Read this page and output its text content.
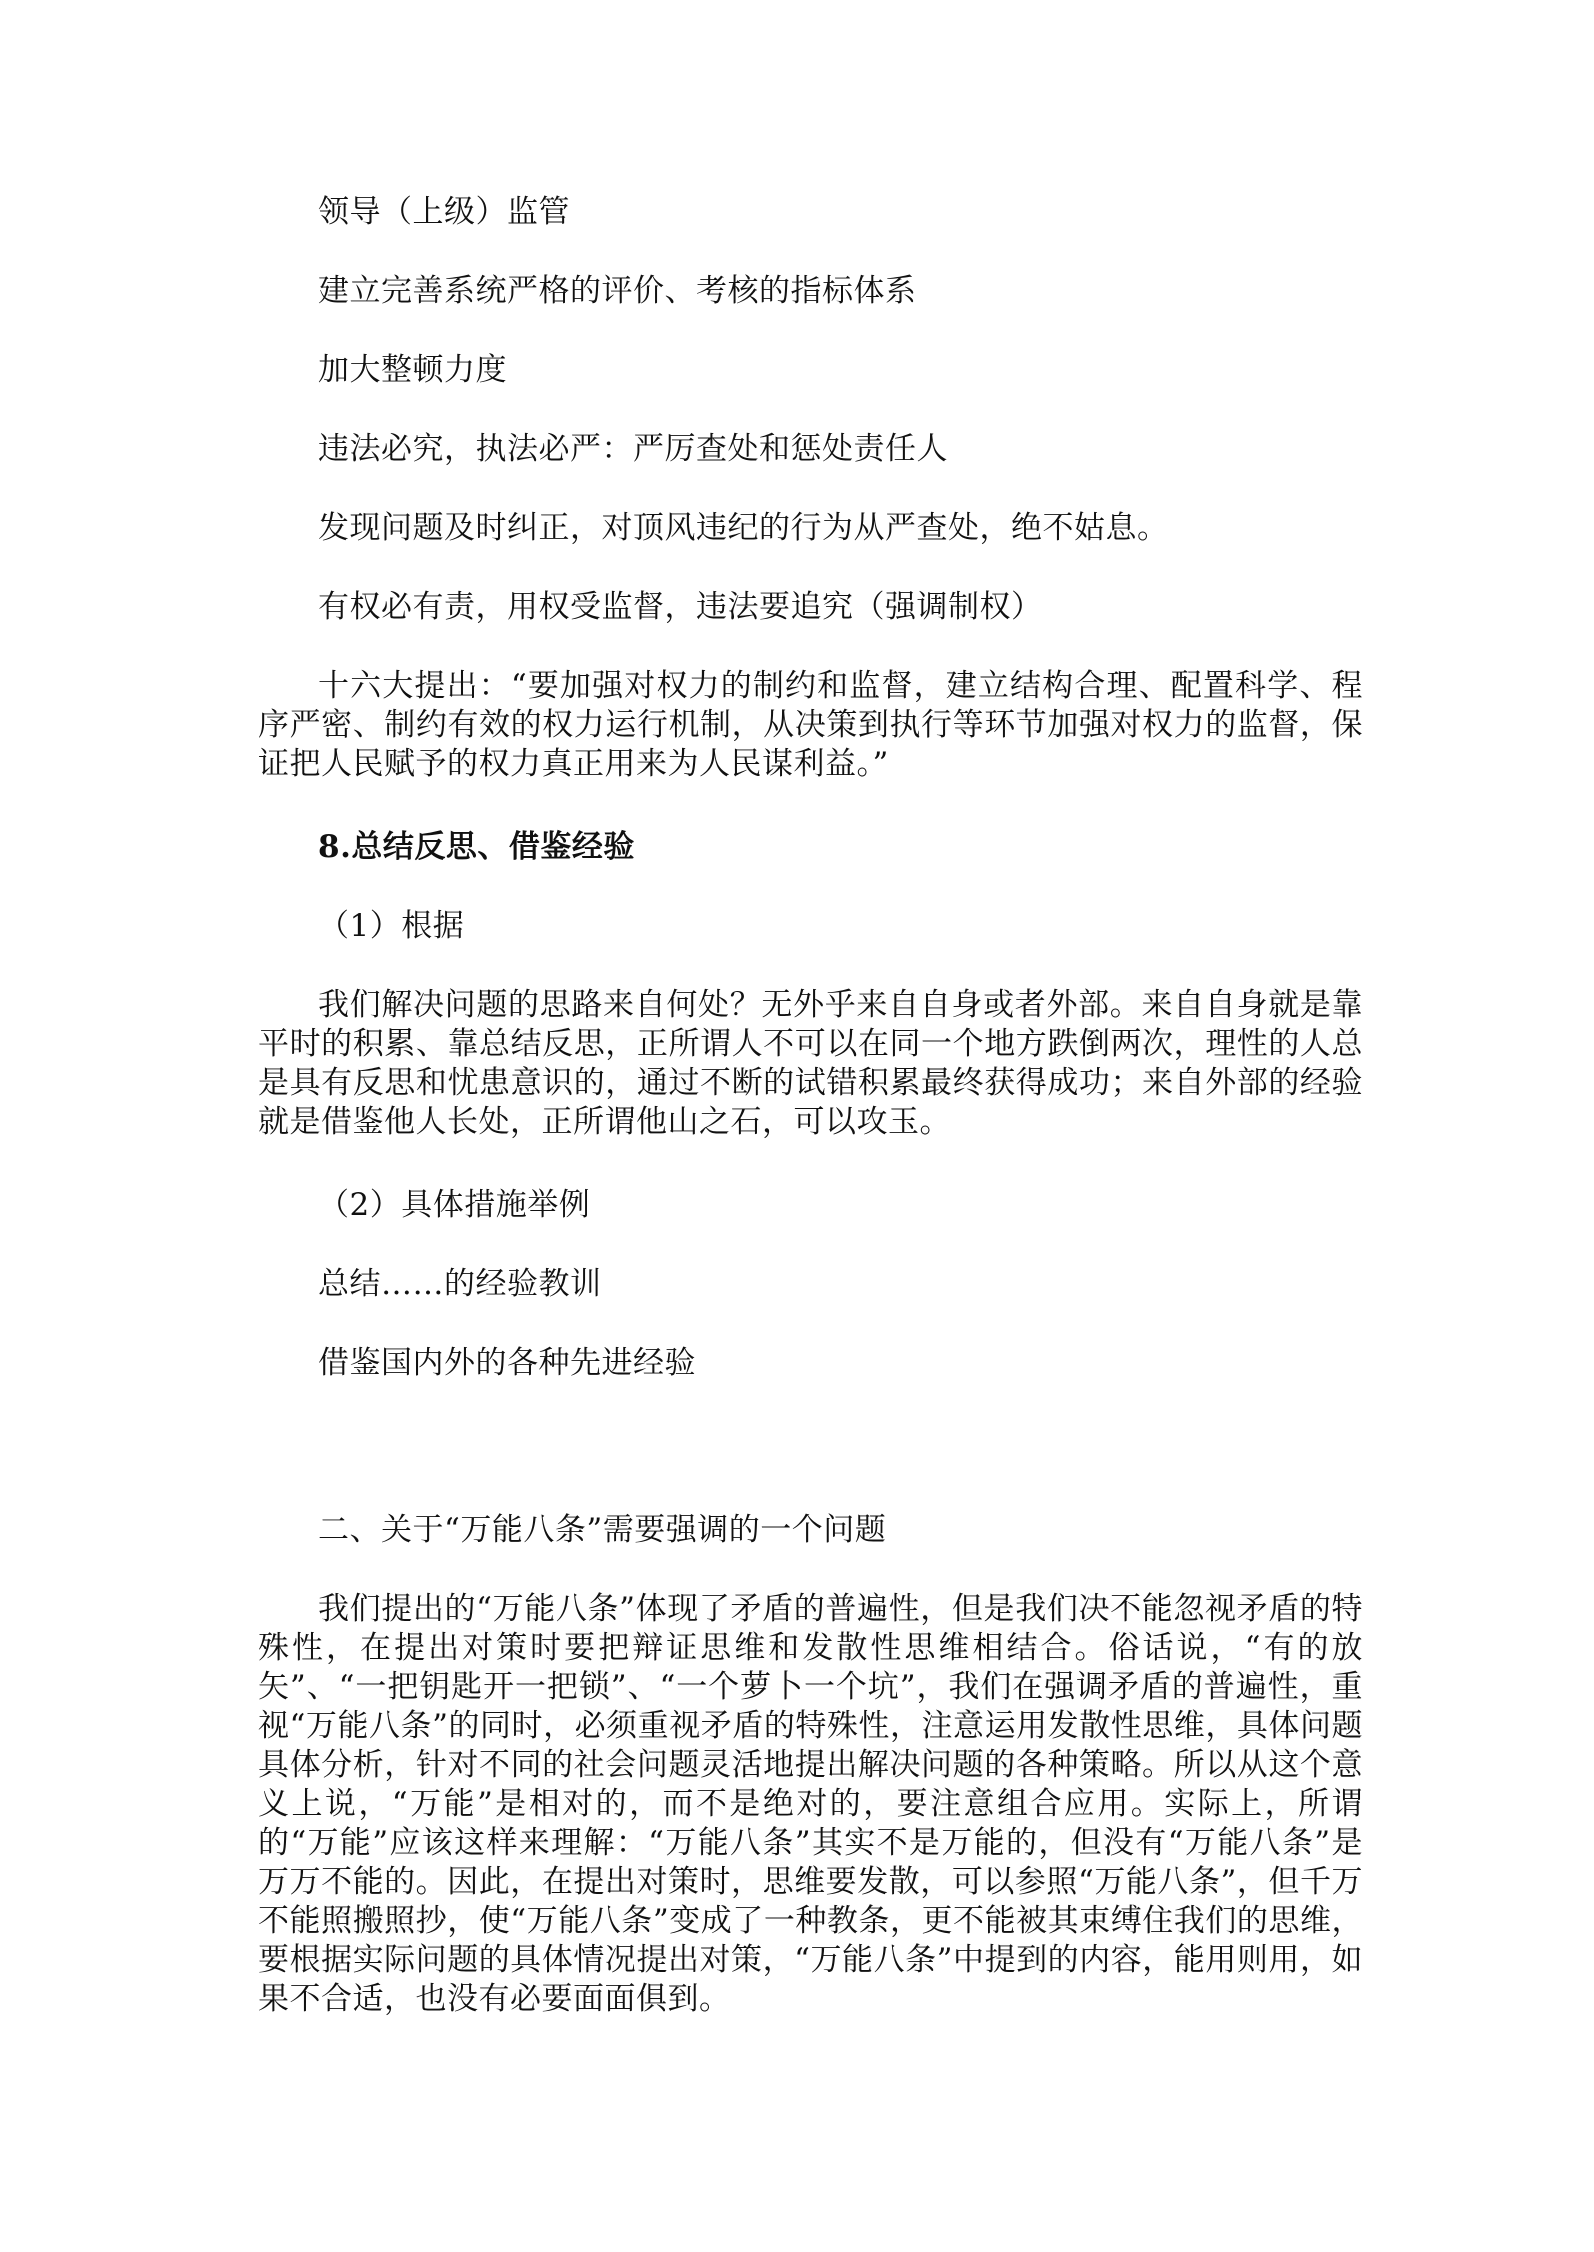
领导（上级）监管

建立完善系统严格的评价、考核的指标体系

加大整顿力度

违法必究，执法必严：严厉查处和惩处责任人

发现问题及时纠正，对顶风违纪的行为从严查处，绝不姑息。

有权必有责，用权受监督，违法要追究（强调制权）

十六大提出：“要加强对权力的制约和监督，建立结构合理、配置科学、程序严密、制约有效的权力运行机制，从决策到执行等环节加强对权力的监督，保证把人民赋予的权力真正用来为人民谋利益。”

8.总结反思、借鉴经验

（1）根据

我们解决问题的思路来自何处？无外乎来自自身或者外部。来自自身就是靠平时的积累、靠总结反思，正所谓人不可以在同一个地方跌倒两次，理性的人总是具有反思和忧患意识的，通过不断的试错积累最终获得成功；来自外部的经验就是借鉴他人长处，正所谓他山之石，可以攻玉。

（2）具体措施举例

总结……的经验教训

借鉴国内外的各种先进经验

二、关于“万能八条”需要强调的一个问题

我们提出的“万能八条”体现了矛盾的普遍性，但是我们决不能忽视矛盾的特殊性，在提出对策时要把辩证思维和发散性思维相结合。俗话说，“有的放矢”、“一把钥匙开一把锁”、“一个萝卜一个坑”，我们在强调矛盾的普遍性，重视“万能八条”的同时，必须重视矛盾的特殊性，注意运用发散性思维，具体问题具体分析，针对不同的社会问题灵活地提出解决问题的各种策略。所以从这个意义上说，“万能”是相对的，而不是绝对的，要注意组合应用。实际上，所谓的“万能”应该这样来理解：“万能八条”其实不是万能的，但没有“万能八条”是万万不能的。因此，在提出对策时，思维要发散，可以参照“万能八条”，但千万不能照搬照抄，使“万能八条”变成了一种教条，更不能被其束缚住我们的思维，要根据实际问题的具体情况提出对策，“万能八条”中提到的内容，能用则用，如果不合适，也没有必要面面俱到。
